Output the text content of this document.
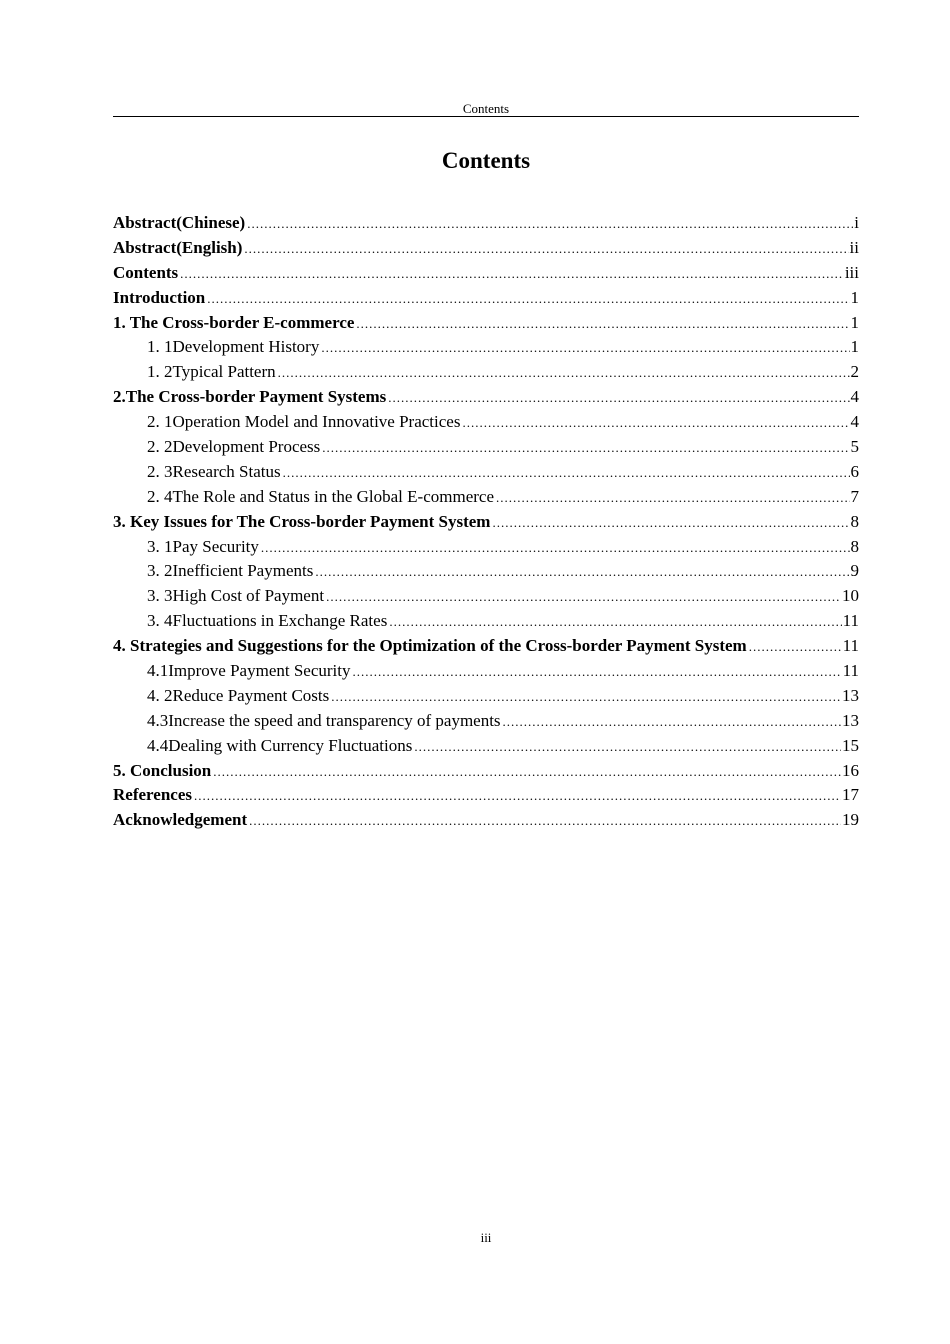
Contents
Contents
Abstract(Chinese) .....	i
Abstract(English) .....	ii
Contents .....	iii
Introduction .....	1
1. The Cross-border E-commerce .....	1
1. 1Development History .....	1
1. 2Typical Pattern .....	2
2.The Cross-border Payment Systems .....	4
2. 1Operation Model and Innovative Practices .....	4
2. 2Development Process .....	5
2. 3Research Status .....	6
2. 4The Role and Status in the Global E-commerce .....	7
3. Key Issues for The Cross-border Payment System .....	8
3. 1Pay Security .....	8
3. 2Inefficient Payments .....	9
3. 3High Cost of Payment .....	10
3. 4Fluctuations in Exchange Rates .....	11
4. Strategies and Suggestions for the Optimization of the Cross-border Payment System .....	11
4.1Improve Payment Security .....	11
4. 2Reduce Payment Costs .....	13
4.3Increase the speed and transparency of payments .....	13
4.4Dealing with Currency Fluctuations .....	15
5. Conclusion .....	16
References .....	17
Acknowledgement .....	19
iii
